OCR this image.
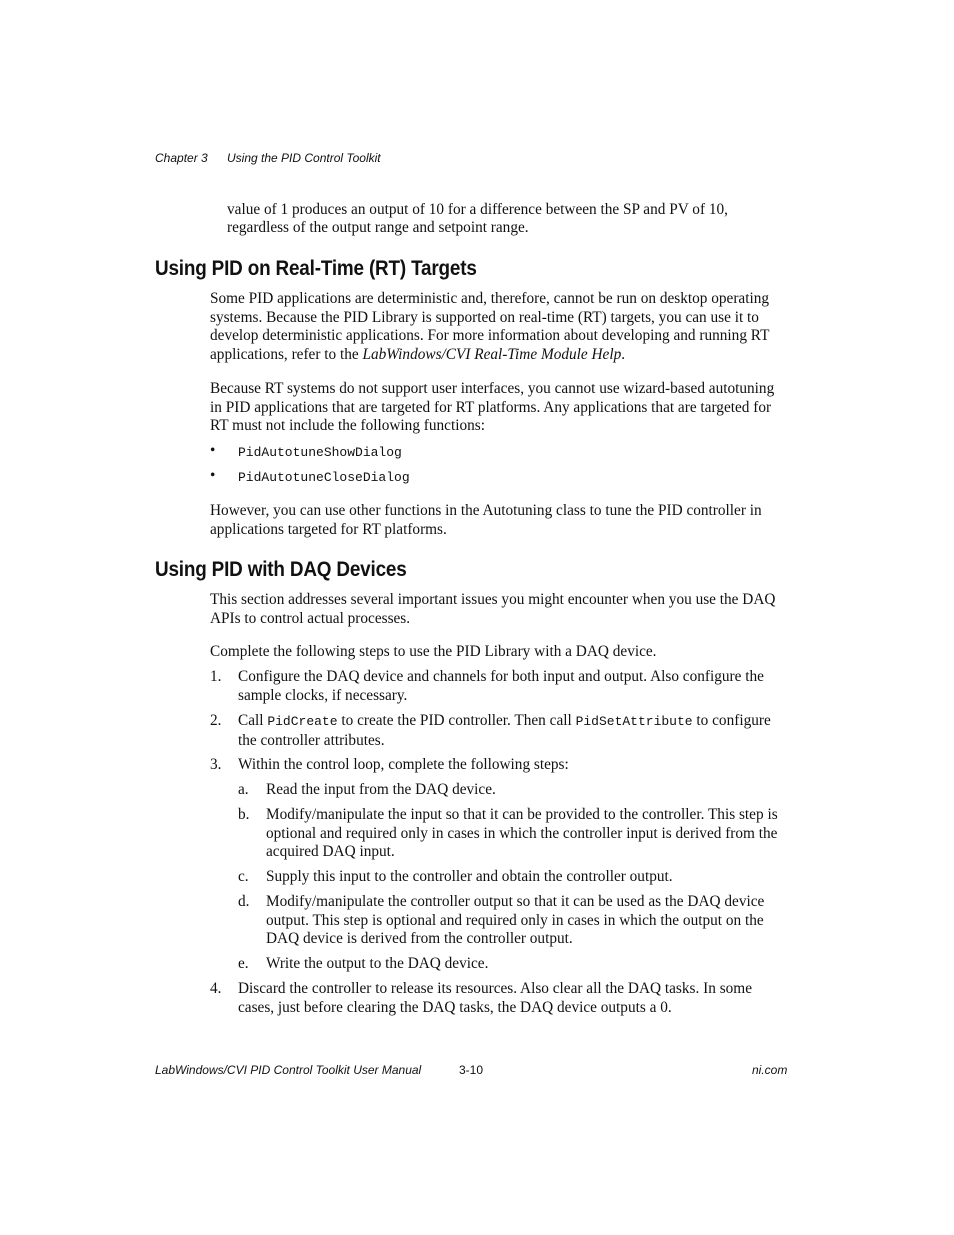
Chapter 3 Using the PID Control Toolkit
value of 1 produces an output of 10 for a difference between the SP and PV of 10,
regardless of the output range and setpoint range.
Using PID on Real-Time (RT) Targets
Some PID applications are deterministic and, therefore, cannot be run on desktop operating systems. Because the PID Library is supported on real-time (RT) targets, you can use it to develop deterministic applications. For more information about developing and running RT applications, refer to the LabWindows/CVI Real-Time Module Help.
Because RT systems do not support user interfaces, you cannot use wizard-based autotuning in PID applications that are targeted for RT platforms. Any applications that are targeted for RT must not include the following functions:
• PidAutotuneShowDialog
• PidAutotuneCloseDialog
However, you can use other functions in the Autotuning class to tune the PID controller in applications targeted for RT platforms.
Using PID with DAQ Devices
This section addresses several important issues you might encounter when you use the DAQ APIs to control actual processes.
Complete the following steps to use the PID Library with a DAQ device.
1.	Configure the DAQ device and channels for both input and output. Also configure the sample clocks, if necessary.
2.	Call PidCreate to create the PID controller. Then call PidSetAttribute to configure the controller attributes.
3.	Within the control loop, complete the following steps:
a.	Read the input from the DAQ device.
b.	Modify/manipulate the input so that it can be provided to the controller. This step is optional and required only in cases in which the controller input is derived from the acquired DAQ input.
c.	Supply this input to the controller and obtain the controller output.
d.	Modify/manipulate the controller output so that it can be used as the DAQ device output. This step is optional and required only in cases in which the output on the DAQ device is derived from the controller output.
e.	Write the output to the DAQ device.
4.	Discard the controller to release its resources. Also clear all the DAQ tasks. In some cases, just before clearing the DAQ tasks, the DAQ device outputs a 0.
LabWindows/CVI PID Control Toolkit User Manual	3-10	ni.com
